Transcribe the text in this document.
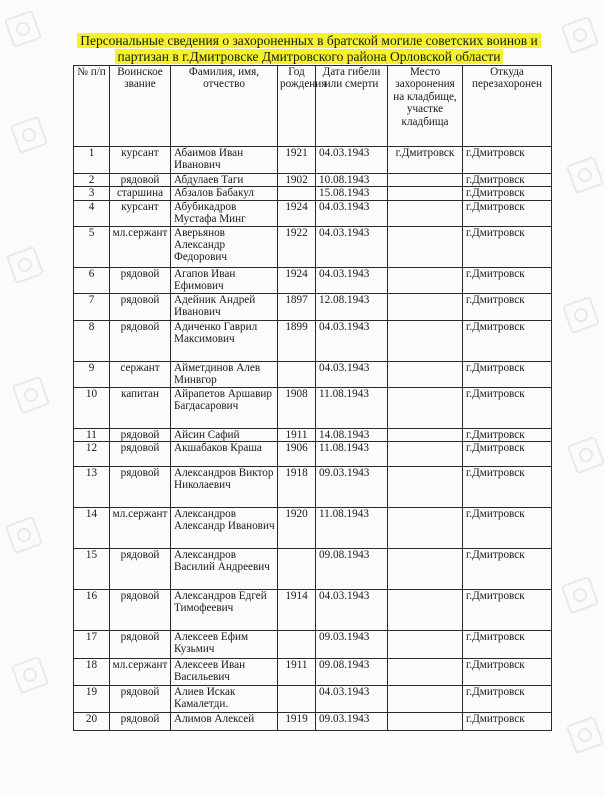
Персональные сведения о захороненных в братской могиле советских воинов и партизан в г.Дмитровске Дмитровского района Орловской области
№ п/п	Воинское звание	Фамилия, имя, отчество	Год рождения	Дата гибели или смерти	Место захоронения на кладбище, участке кладбища	Откуда перезахоронен
1	курсант	Абаимов Иван Иванович	1921	04.03.1943	г.Дмитровск	г.Дмитровск
2	рядовой	Абдулаев Таги	1902	10.08.1943		г.Дмитровск
3	старшина	Абзалов Бабакул		15.08.1943		г.Дмитровск
4	курсант	Абубикадров Мустафа Минг	1924	04.03.1943		г.Дмитровск
5	мл.сержант	Аверьянов Александр Федорович	1922	04.03.1943		г.Дмитровск
6	рядовой	Агапов Иван Ефимович	1924	04.03.1943		г.Дмитровск
7	рядовой	Адейник Андрей Иванович	1897	12.08.1943		г.Дмитровск
8	рядовой	Адиченко Гаврил Максимович	1899	04.03.1943		г.Дмитровск
9	сержант	Айметдинов Алев Минвгор		04.03.1943		г.Дмитровск
10	капитан	Айрапетов Аршавир Багдасарович	1908	11.08.1943		г.Дмитровск
11	рядовой	Айсин Сафий	1911	14.08.1943		г.Дмитровск
12	рядовой	Акшабаков Краша	1906	11.08.1943		г.Дмитровск
13	рядовой	Александров Виктор Николаевич	1918	09.03.1943		г.Дмитровск
14	мл.сержант	Александров Александр Иванович	1920	11.08.1943		г.Дмитровск
15	рядовой	Александров Василий Андреевич		09.08.1943		г.Дмитровск
16	рядовой	Александров Едгей Тимофеевич	1914	04.03.1943		г.Дмитровск
17	рядовой	Алексеев Ефим Кузьмич		09.03.1943		г.Дмитровск
18	мл.сержант	Алексеев Иван Васильевич	1911	09.08.1943		г.Дмитровск
19	рядовой	Алиев Искак Камалетди.		04.03.1943		г.Дмитровск
20	рядовой	Алимов Алексей	1919	09.03.1943		г.Дмитровск
